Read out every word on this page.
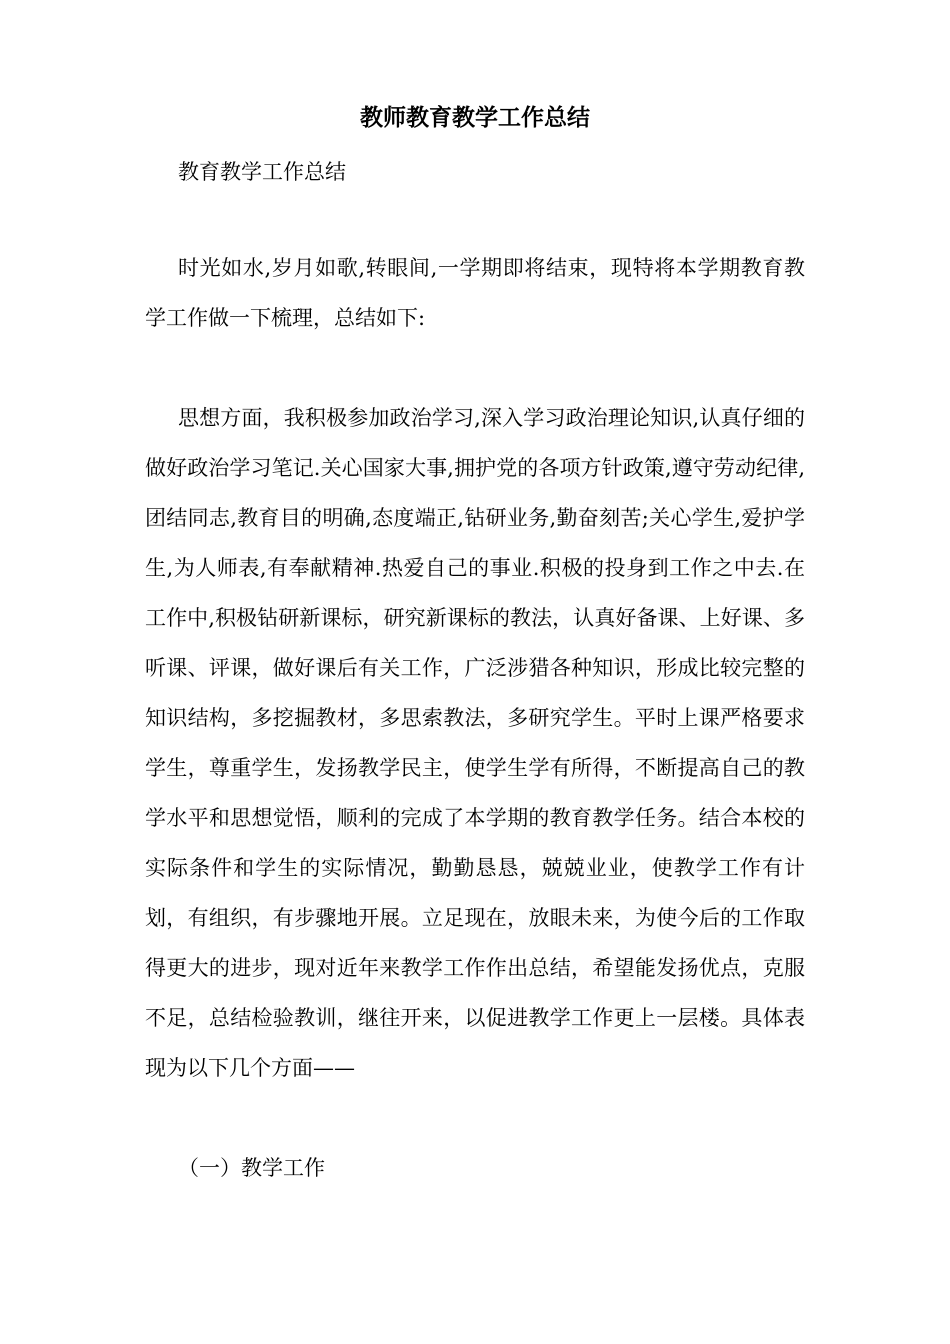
教师教育教学工作总结

教育教学工作总结

时光如水,岁月如歌,转眼间,一学期即将结束，现特将本学期教育教学工作做一下梳理，总结如下:

思想方面，我积极参加政治学习,深入学习政治理论知识,认真仔细的做好政治学习笔记.关心国家大事,拥护党的各项方针政策,遵守劳动纪律,团结同志,教育目的明确,态度端正,钻研业务,勤奋刻苦;关心学生,爱护学生,为人师表,有奉献精神.热爱自己的事业.积极的投身到工作之中去.在工作中,积极钻研新课标，研究新课标的教法，认真好备课、上好课、多听课、评课，做好课后有关工作，广泛涉猎各种知识，形成比较完整的知识结构，多挖掘教材，多思索教法，多研究学生。平时上课严格要求学生，尊重学生，发扬教学民主，使学生学有所得，不断提高自己的教学水平和思想觉悟，顺利的完成了本学期的教育教学任务。结合本校的实际条件和学生的实际情况，勤勤恳恳，兢兢业业，使教学工作有计划，有组织，有步骤地开展。立足现在，放眼未来，为使今后的工作取得更大的进步，现对近年来教学工作作出总结，希望能发扬优点，克服不足，总结检验教训，继往开来，以促进教学工作更上一层楼。具体表现为以下几个方面——

（一）教学工作
